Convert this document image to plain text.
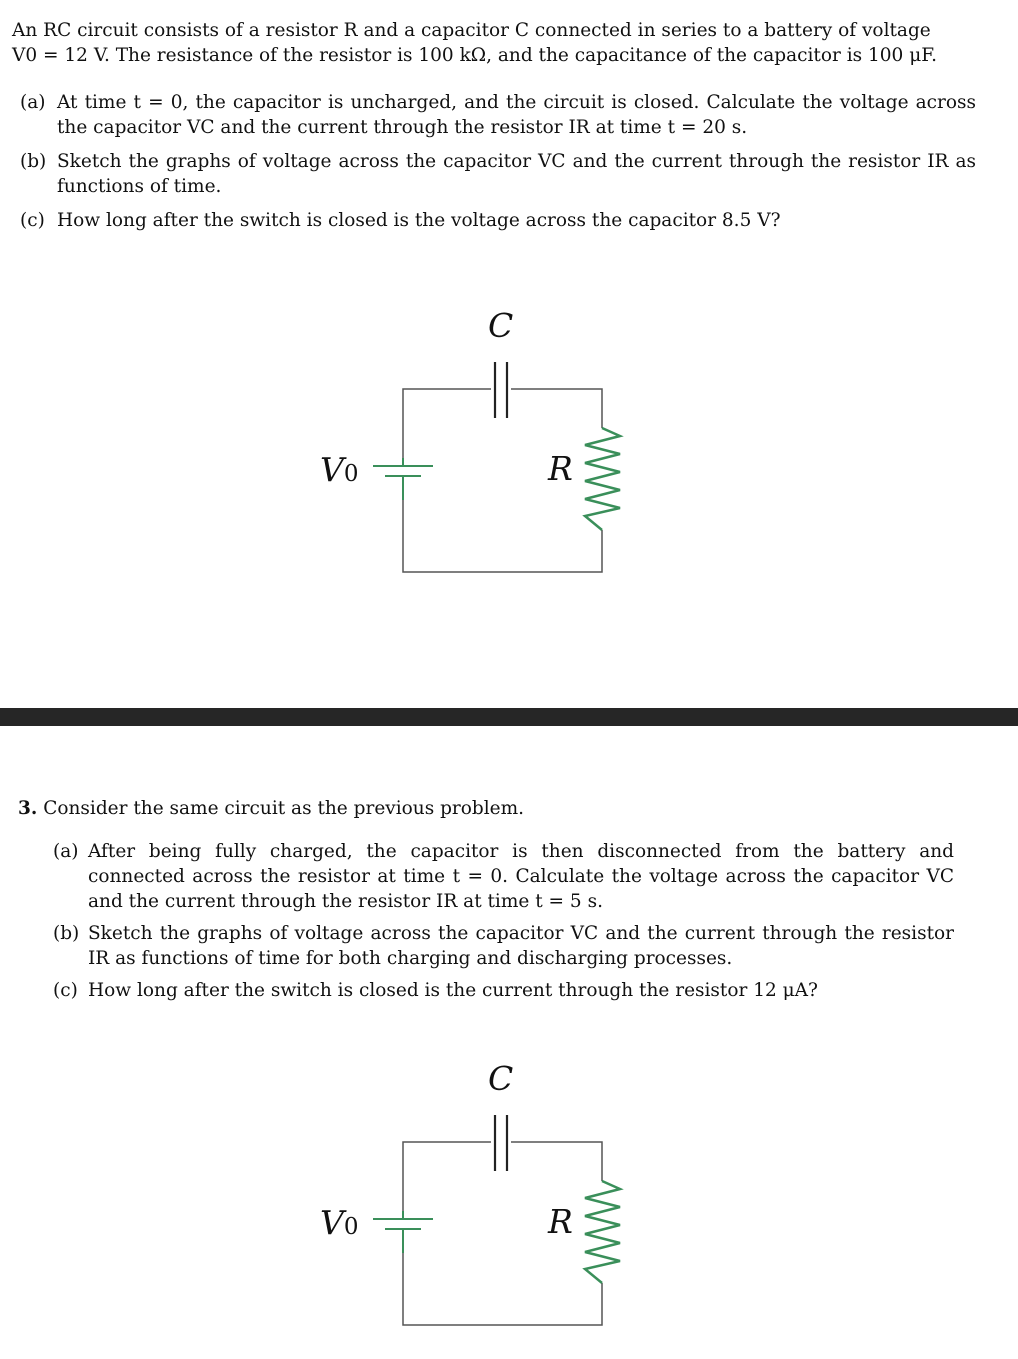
An RC circuit consists of a resistor R and a capacitor C connected in series to a battery of voltage
V0 = 12 V. The resistance of the resistor is 100 kΩ, and the capacitance of the capacitor is 100 μF.
(a) At time t = 0, the capacitor is uncharged, and the circuit is closed. Calculate the voltage across the capacitor VC and the current through the resistor IR at time t = 20 s.
(b) Sketch the graphs of voltage across the capacitor VC and the current through the resistor IR as functions of time.
(c) How long after the switch is closed is the voltage across the capacitor 8.5 V?
C
R
V0
3. Consider the same circuit as the previous problem.
(a) After being fully charged, the capacitor is then disconnected from the battery and connected across the resistor at time t = 0. Calculate the voltage across the capacitor VC and the current through the resistor IR at time t = 5 s.
(b) Sketch the graphs of voltage across the capacitor VC and the current through the resistor IR as functions of time for both charging and discharging processes.
(c) How long after the switch is closed is the current through the resistor 12 μA?
C
R
V0
